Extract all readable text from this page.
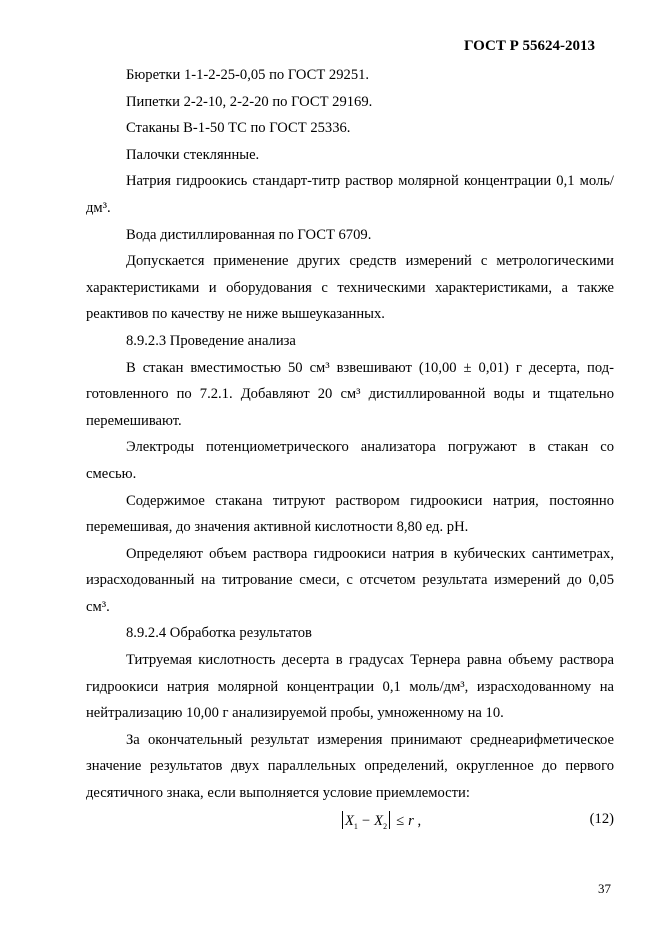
ГОСТ Р 55624-2013

Бюретки 1-1-2-25-0,05 по ГОСТ 29251.

Пипетки 2-2-10, 2-2-20 по ГОСТ 29169.

Стаканы В-1-50 ТС по ГОСТ 25336.

Палочки стеклянные.

Натрия гидроокись стандарт-титр раствор молярной концентрации 0,1 моль/дм³.

Вода дистиллированная по ГОСТ 6709.

Допускается применение других средств измерений с метрологическими характеристиками и оборудования с техническими характеристиками, а также реактивов по качеству не ниже вышеуказанных.

8.9.2.3 Проведение анализа

В стакан вместимостью 50 см³ взвешивают (10,00 ± 0,01) г десерта, подготовленного по 7.2.1. Добавляют 20 см³ дистиллированной воды и тщательно перемешивают.

Электроды потенциометрического анализатора погружают в стакан со смесью.

Содержимое стакана титруют раствором гидроокиси натрия, постоянно перемешивая, до значения активной кислотности 8,80 ед. pH.

Определяют объем раствора гидроокиси натрия в кубических сантиметрах, израсходованный на титрование смеси, с отсчетом результата измерений до 0,05 см³.

8.9.2.4 Обработка результатов

Титруемая кислотность десерта в градусах Тернера равна объему раствора гидроокиси натрия молярной концентрации 0,1 моль/дм³, израсходованному на нейтрализацию 10,00 г анализируемой пробы, умноженному на 10.

За окончательный результат измерения принимают среднеарифметическое значение результатов двух параллельных определений, округленное до первого десятичного знака, если выполняется условие приемлемости:

$X_1 - X_2 \le r$ ,	(12)
37
